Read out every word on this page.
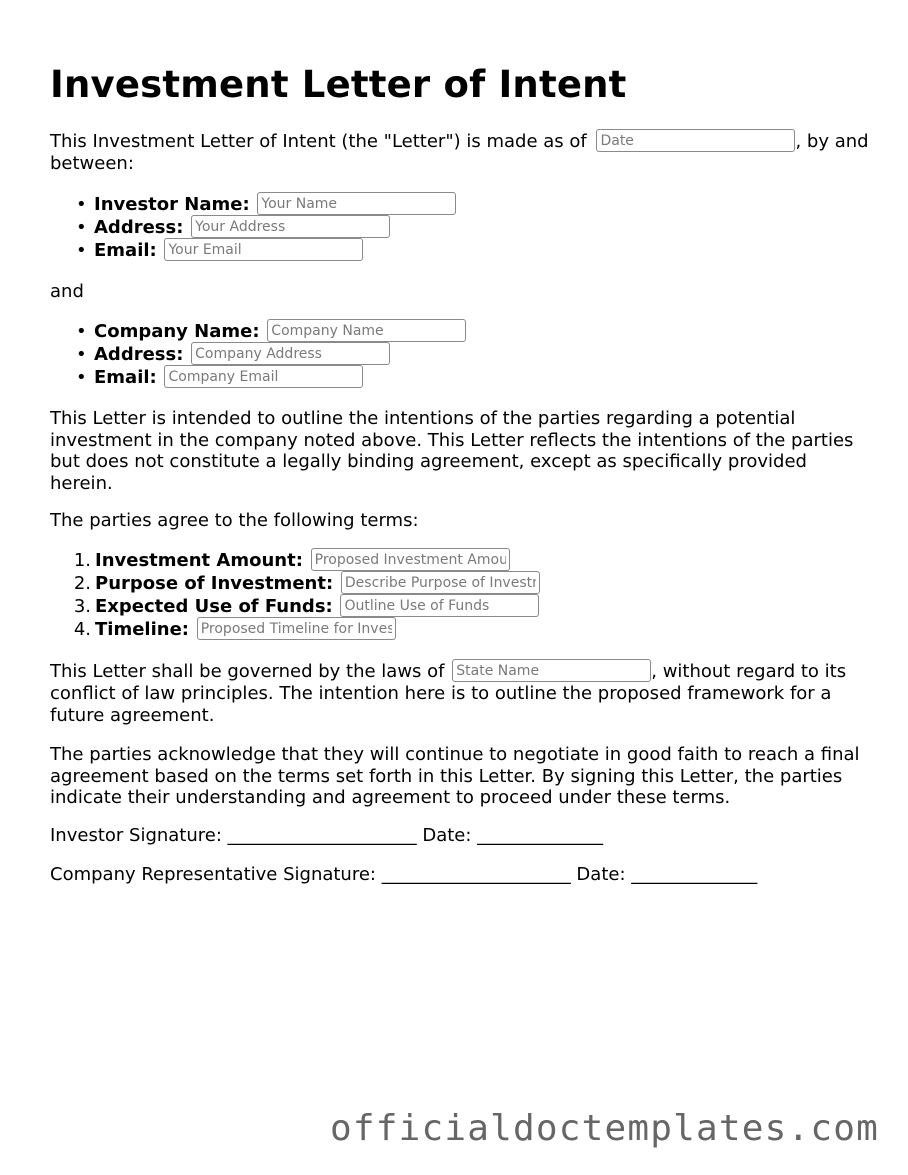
Investment Letter of Intent
This Investment Letter of Intent (the "Letter") is made as of Date	, by and
between:
• Investor Name: Your Name
• Address: Your Address
• Email: Your Email
and
• Company Name: Company Name
• Address: Company Address
• Email: Company Email

This Letter is intended to outline the intentions of the parties regarding a potential investment in the company noted above. This Letter reflects the intentions of the parties but does not constitute a legally binding agreement, except as specifically provided herein.

The parties agree to the following terms:
1. Investment Amount: Proposed Investment Amount
2. Purpose of Investment: Describe Purpose of Investment
3. Expected Use of Funds: Outline Use of Funds
4. Timeline: Proposed Timeline for Investment
This Letter shall be governed by the laws of State Name	, without regard to its
conflict of law principles. The intention here is to outline the proposed framework for a
future agreement.

The parties acknowledge that they will continue to negotiate in good faith to reach a final agreement based on the terms set forth in this Letter. By signing this Letter, the parties indicate their understanding and agreement to proceed under these terms.

Investor Signature: _____________________ Date: ______________
Company Representative Signature: _____________________ Date: ______________
officialdoctemplates.com
